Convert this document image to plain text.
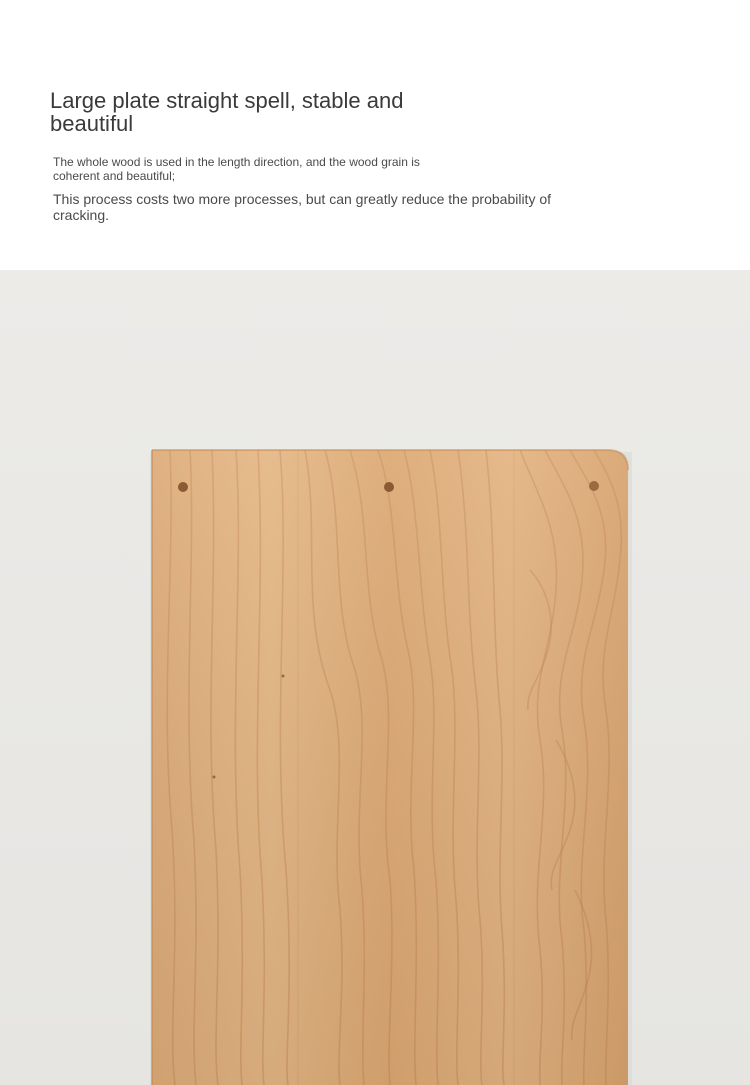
Large plate straight spell, stable and
beautiful

The whole wood is used in the length direction, and the wood grain is
coherent and beautiful;

This process costs two more processes, but can greatly reduce the probability of
cracking.
